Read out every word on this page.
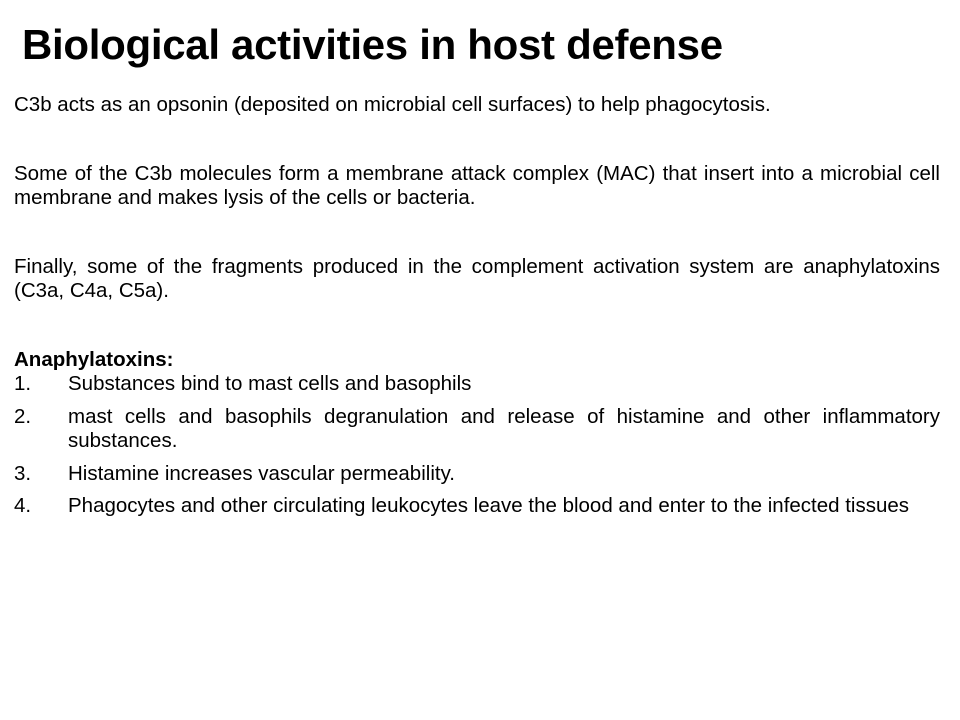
Biological activities in host defense

C3b acts as an opsonin (deposited on microbial cell surfaces) to help phagocytosis.

Some of the C3b molecules form a membrane attack complex (MAC) that insert into a microbial cell membrane and makes lysis of the cells or bacteria.

Finally, some of the fragments produced in the complement activation system are anaphylatoxins (C3a, C4a, C5a).

Anaphylatoxins:

1.	Substances bind to mast cells and basophils
2.	mast cells and basophils degranulation and release of histamine and other inflammatory substances.
3.	Histamine increases vascular permeability.
4.	Phagocytes and other circulating leukocytes leave the blood and enter to the infected tissues
